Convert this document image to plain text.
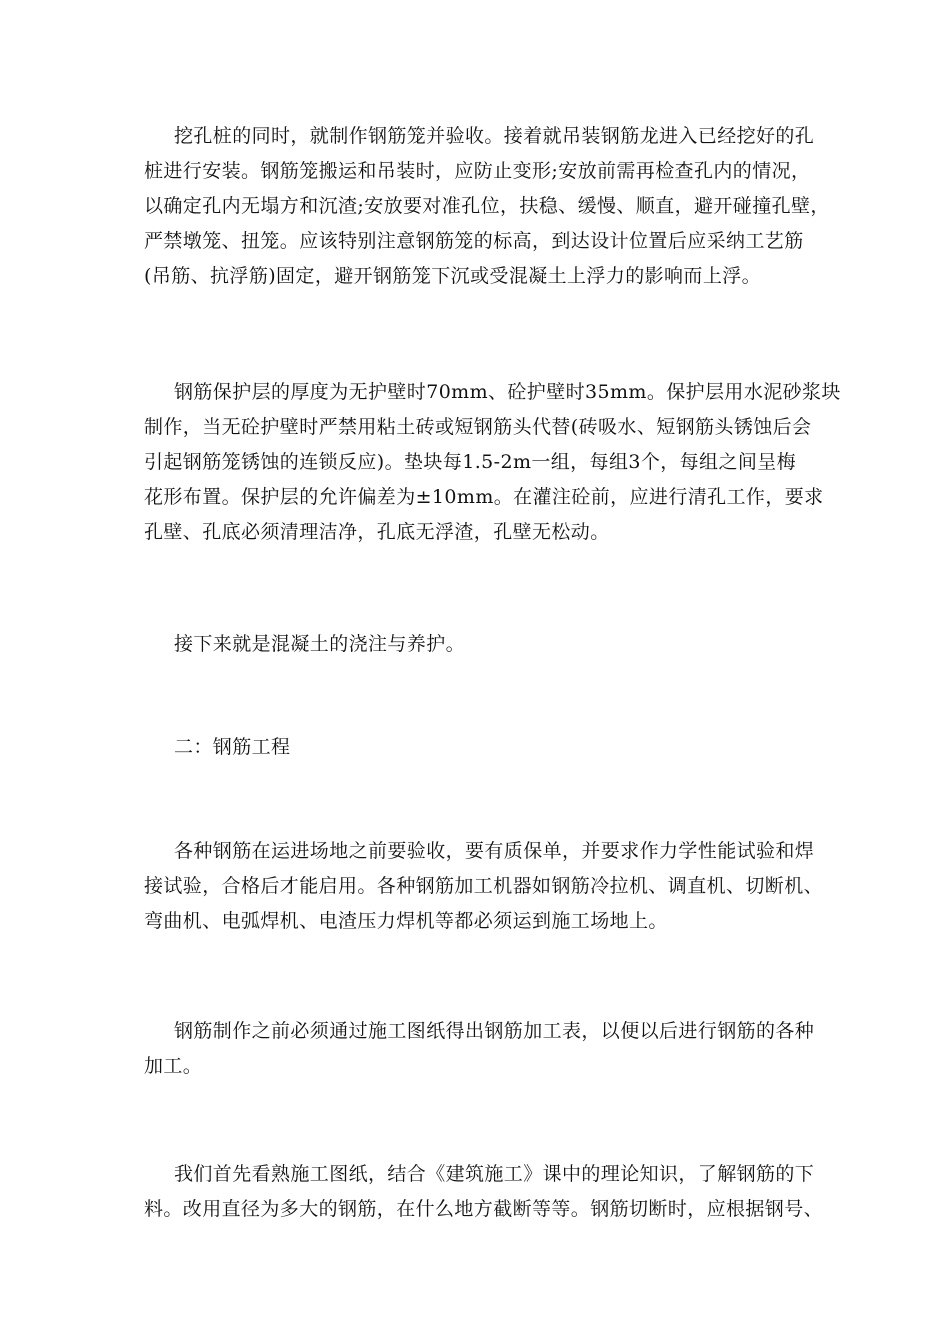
挖孔桩的同时，就制作钢筋笼并验收。接着就吊装钢筋龙进入已经挖好的孔
桩进行安装。钢筋笼搬运和吊装时，应防止变形;安放前需再检查孔内的情况，
以确定孔内无塌方和沉渣;安放要对准孔位，扶稳、缓慢、顺直，避开碰撞孔壁，
严禁墩笼、扭笼。应该特别注意钢筋笼的标高，到达设计位置后应采纳工艺筋
(吊筋、抗浮筋)固定，避开钢筋笼下沉或受混凝土上浮力的影响而上浮。

钢筋保护层的厚度为无护壁时70mm、砼护壁时35mm。保护层用水泥砂浆块
制作，当无砼护壁时严禁用粘土砖或短钢筋头代替(砖吸水、短钢筋头锈蚀后会
引起钢筋笼锈蚀的连锁反应)。垫块每1.5-2m一组，每组3个，每组之间呈梅
花形布置。保护层的允许偏差为±10mm。在灌注砼前，应进行清孔工作，要求
孔壁、孔底必须清理洁净，孔底无浮渣，孔壁无松动。

接下来就是混凝土的浇注与养护。

二：钢筋工程

各种钢筋在运进场地之前要验收，要有质保单，并要求作力学性能试验和焊
接试验，合格后才能启用。各种钢筋加工机器如钢筋冷拉机、调直机、切断机、
弯曲机、电弧焊机、电渣压力焊机等都必须运到施工场地上。

钢筋制作之前必须通过施工图纸得出钢筋加工表，以便以后进行钢筋的各种
加工。

我们首先看熟施工图纸，结合《建筑施工》课中的理论知识，了解钢筋的下
料。改用直径为多大的钢筋，在什么地方截断等等。钢筋切断时，应根据钢号、
